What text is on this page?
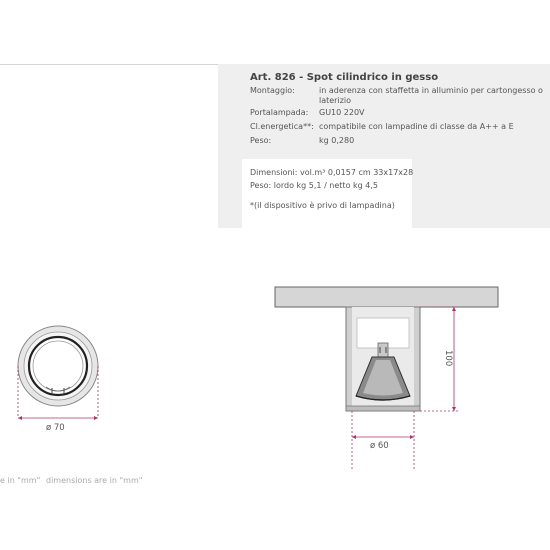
Art. 826 - Spot cilindrico in gesso
Montaggio:	in aderenza con staffetta in alluminio per cartongesso o
laterizio
Portalampada: GU10 220V
Cl.energetica**: compatibile con lampadine di classe da A++ a E
Peso:	kg 0,280
Dimensioni: vol.m³ 0,0157 cm 33x17x28
Peso: lordo kg 5,1 / netto kg 4,5
*(il dispositivo è privo di lampadina)
ø 70
ø 60
100
e in "mm" dimensions are in "mm"
